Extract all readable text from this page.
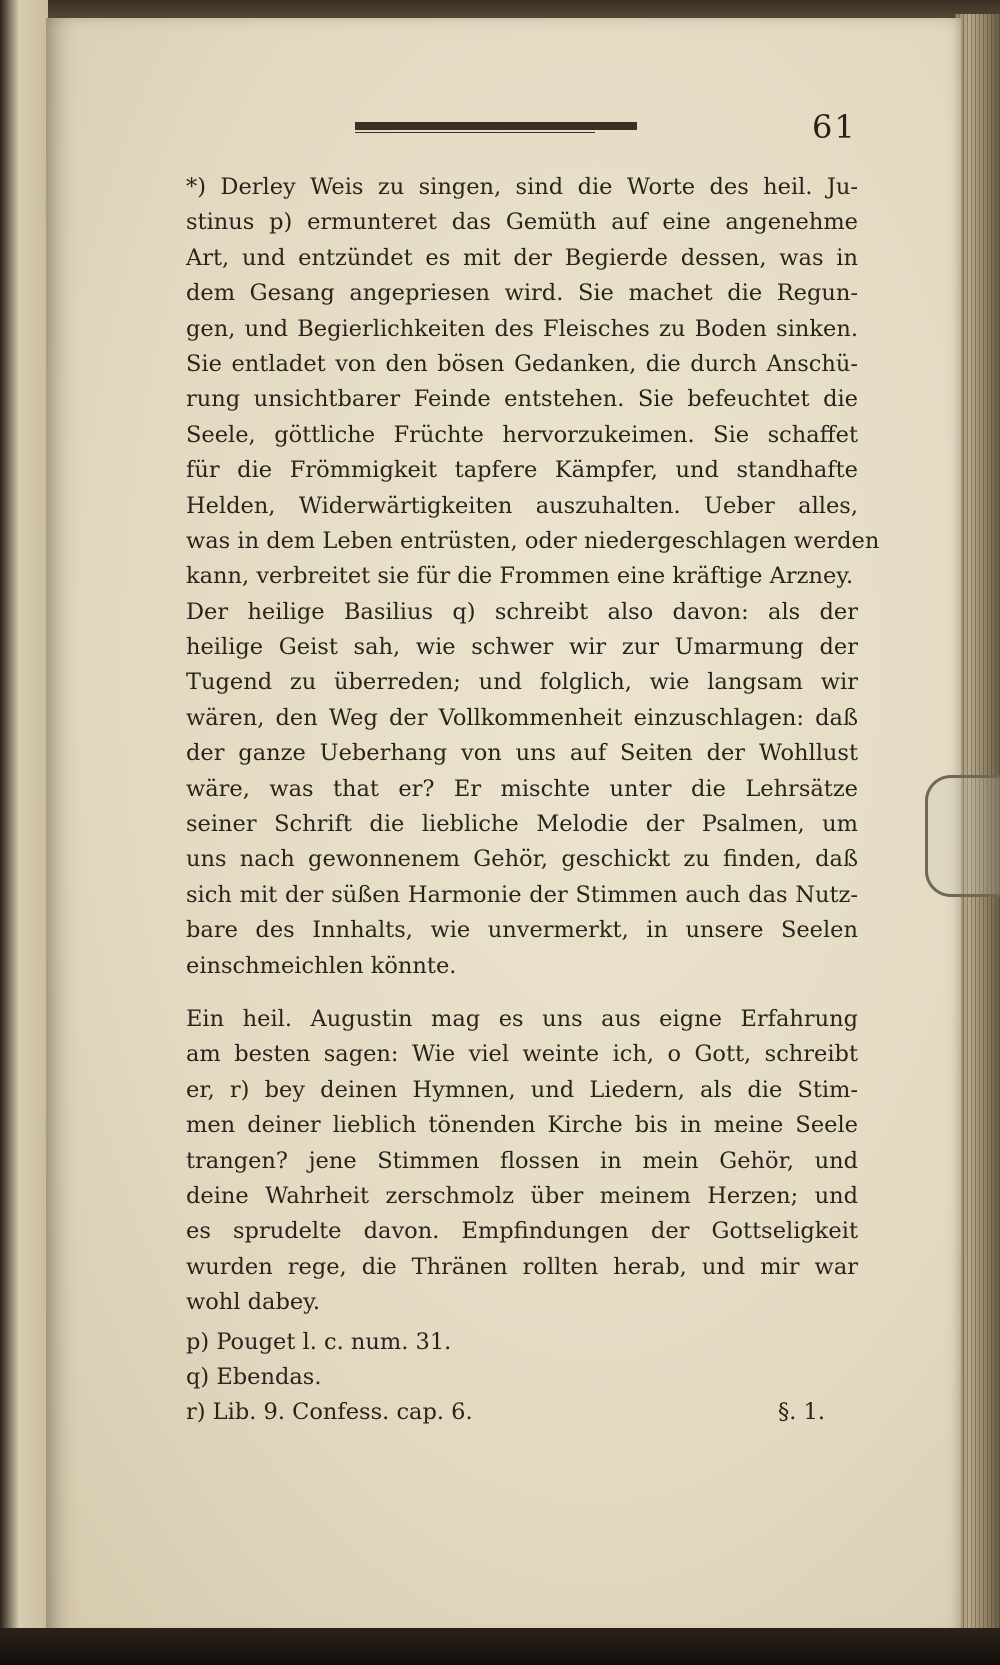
61
*) Derley Weis zu singen, sind die Worte des heil. Ju-
stinus p) ermunteret das Gemüth auf eine angenehme
Art, und entzündet es mit der Begierde dessen, was in
dem Gesang angepriesen wird. Sie machet die Regun-
gen, und Begierlichkeiten des Fleisches zu Boden sinken.
Sie entladet von den bösen Gedanken, die durch Anschü-
rung unsichtbarer Feinde entstehen. Sie befeuchtet die
Seele, göttliche Früchte hervorzukeimen. Sie schaffet
für die Frömmigkeit tapfere Kämpfer, und standhafte
Helden, Widerwärtigkeiten auszuhalten. Ueber alles,
was in dem Leben entrüsten, oder niedergeschlagen werden
kann, verbreitet sie für die Frommen eine kräftige Arzney.
Der heilige Basilius q) schreibt also davon: als der
heilige Geist sah, wie schwer wir zur Umarmung der
Tugend zu überreden; und folglich, wie langsam wir
wären, den Weg der Vollkommenheit einzuschlagen: daß
der ganze Ueberhang von uns auf Seiten der Wohllust
wäre, was that er? Er mischte unter die Lehrsätze
seiner Schrift die liebliche Melodie der Psalmen, um
uns nach gewonnenem Gehör, geschickt zu finden, daß
sich mit der süßen Harmonie der Stimmen auch das Nutz-
bare des Innhalts, wie unvermerkt, in unsere Seelen
einschmeichlen könnte.
Ein heil. Augustin mag es uns aus eigne Erfahrung
am besten sagen: Wie viel weinte ich, o Gott, schreibt
er, r) bey deinen Hymnen, und Liedern, als die Stim-
men deiner lieblich tönenden Kirche bis in meine Seele
trangen? jene Stimmen flossen in mein Gehör, und
deine Wahrheit zerschmolz über meinem Herzen; und
es sprudelte davon. Empfindungen der Gottseligkeit
wurden rege, die Thränen rollten herab, und mir war
wohl dabey.
p) Pouget l. c. num. 31.
q) Ebendas.
r) Lib. 9. Confess. cap. 6.	§. 1.
